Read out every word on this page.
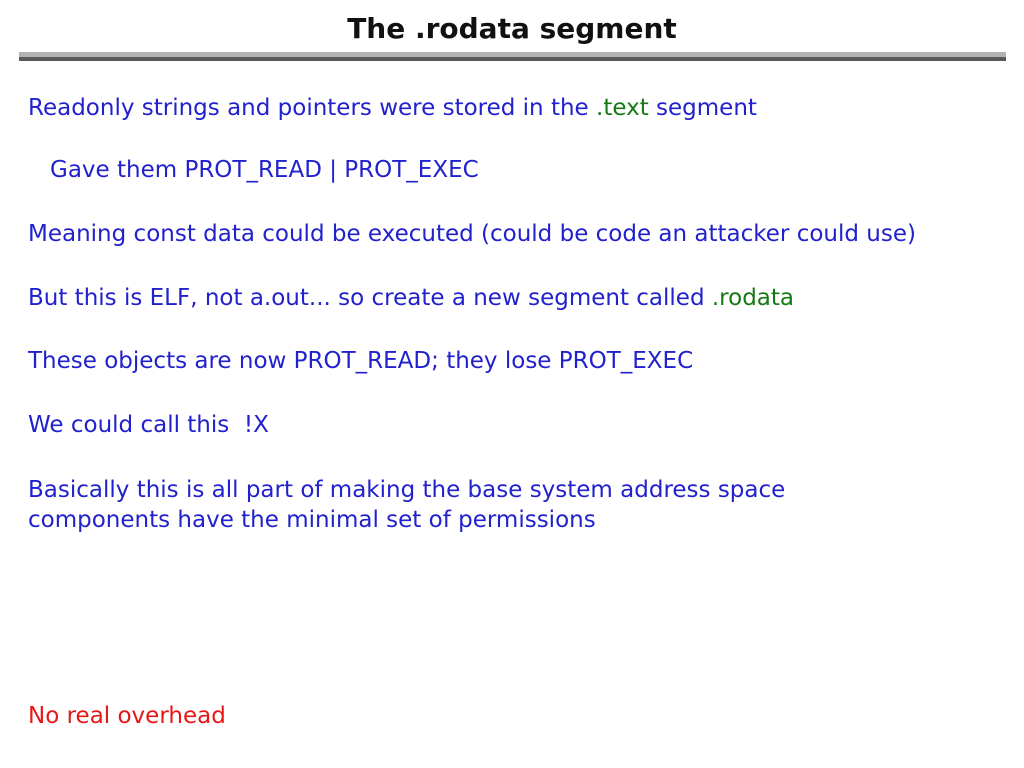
The .rodata segment
Readonly strings and pointers were stored in the .text segment
Gave them PROT_READ | PROT_EXEC
Meaning const data could be executed (could be code an attacker could use)
But this is ELF, not a.out... so create a new segment called .rodata
These objects are now PROT_READ; they lose PROT_EXEC
We could call this  !X
Basically this is all part of making the base system address space
components have the minimal set of permissions
No real overhead
